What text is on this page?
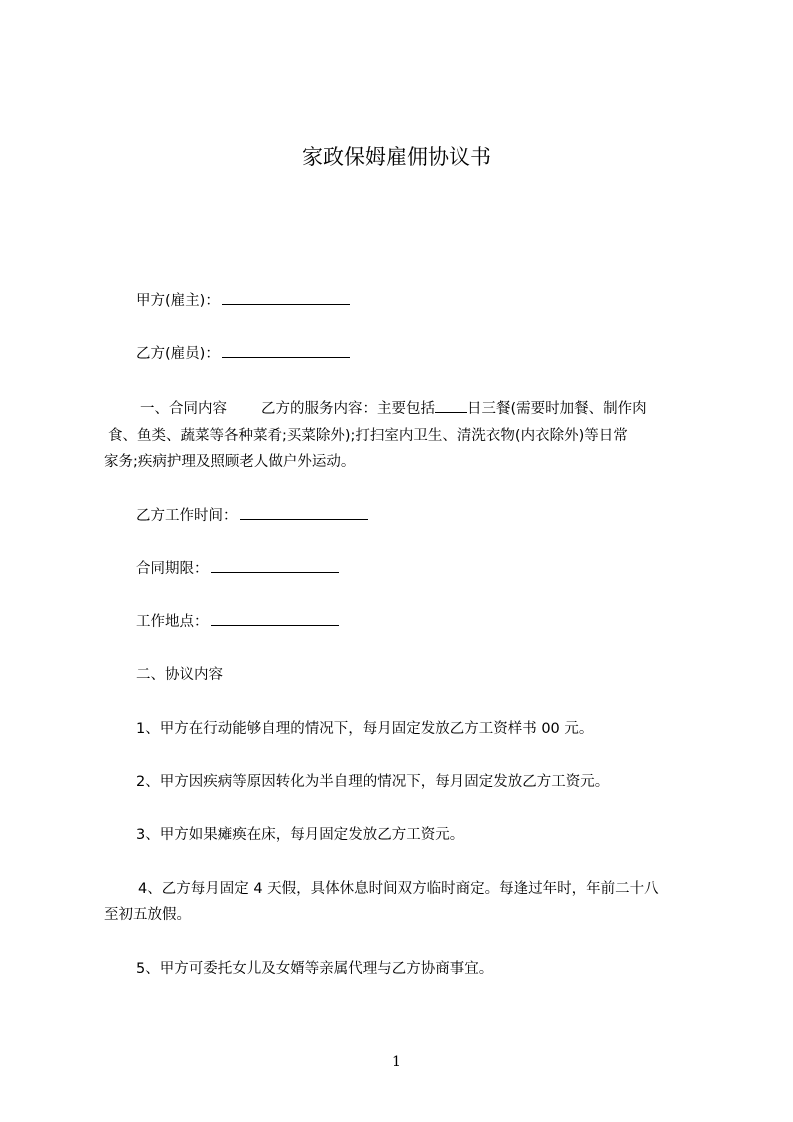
家政保姆雇佣协议书
甲方(雇主)：
乙方(雇员)：
一、合同内容 乙方的服务内容：主要包括 日三餐(需要时加餐、制作肉
食、鱼类、蔬菜等各种菜肴;买菜除外);打扫室内卫生、清洗衣物(内衣除外)等日常
家务;疾病护理及照顾老人做户外运动。
乙方工作时间：
合同期限：
工作地点：
二、协议内容
1、甲方在行动能够自理的情况下，每月固定发放乙方工资样书 00 元。
2、甲方因疾病等原因转化为半自理的情况下，每月固定发放乙方工资元。
3、甲方如果瘫痪在床，每月固定发放乙方工资元。
4、乙方每月固定 4 天假，具体休息时间双方临时商定。每逢过年时，年前二十八
至初五放假。
5、甲方可委托女儿及女婿等亲属代理与乙方协商事宜。
1
